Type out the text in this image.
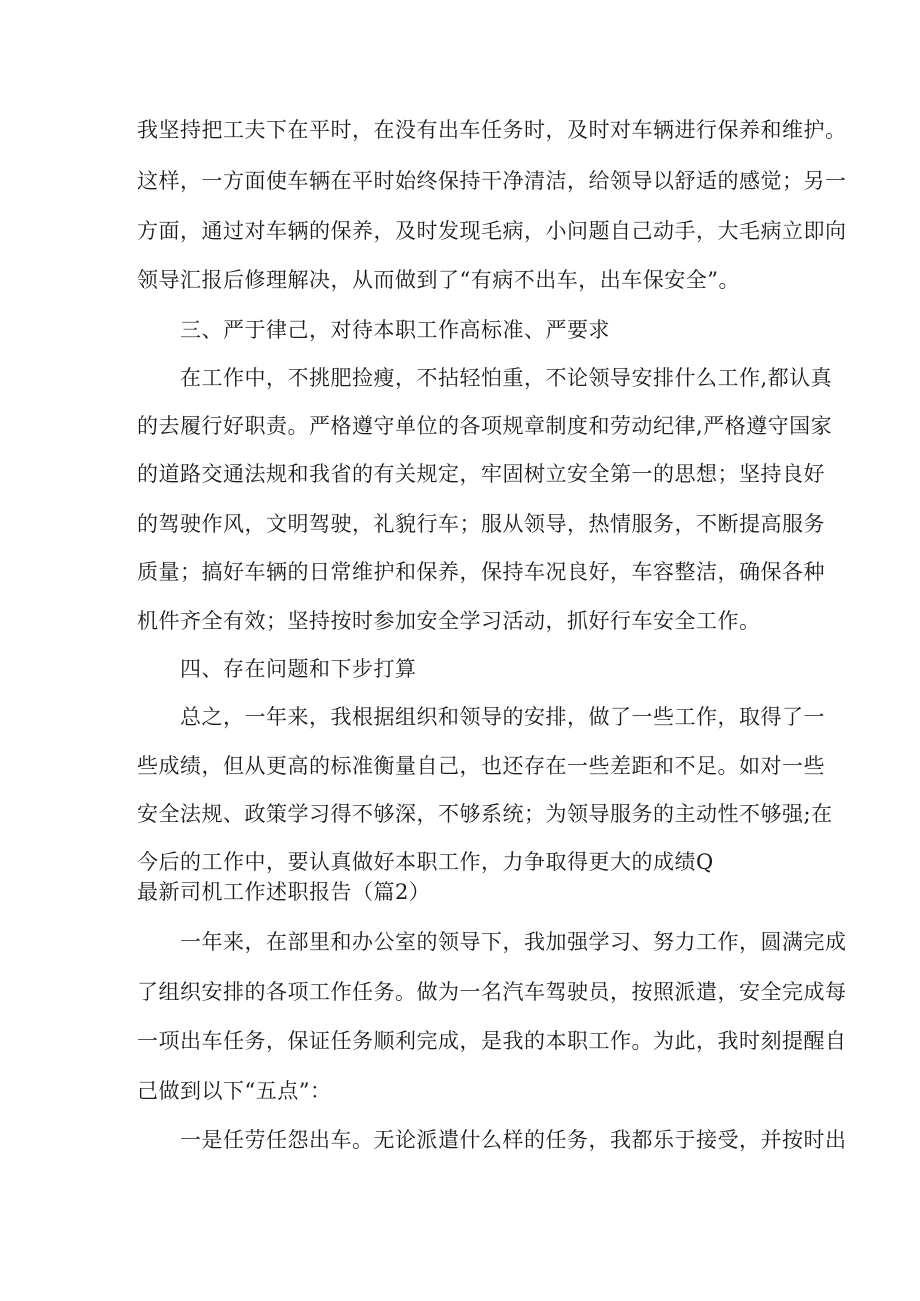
我坚持把工夫下在平时，在没有出车任务时，及时对车辆进行保养和维护。

这样，一方面使车辆在平时始终保持干净清洁，给领导以舒适的感觉；另一

方面，通过对车辆的保养，及时发现毛病，小问题自己动手，大毛病立即向

领导汇报后修理解决，从而做到了“有病不出车，出车保安全”。

三、严于律己，对待本职工作高标准、严要求

在工作中，不挑肥捡瘦，不拈轻怕重，不论领导安排什么工作,都认真

的去履行好职责。严格遵守单位的各项规章制度和劳动纪律,严格遵守国家

的道路交通法规和我省的有关规定，牢固树立安全第一的思想；坚持良好

的驾驶作风，文明驾驶，礼貌行车；服从领导，热情服务，不断提高服务

质量；搞好车辆的日常维护和保养，保持车况良好，车容整洁，确保各种

机件齐全有效；坚持按时参加安全学习活动，抓好行车安全工作。

四、存在问题和下步打算

总之，一年来，我根据组织和领导的安排，做了一些工作，取得了一

些成绩，但从更高的标准衡量自己，也还存在一些差距和不足。如对一些

安全法规、政策学习得不够深，不够系统；为领导服务的主动性不够强;在

今后的工作中，要认真做好本职工作，力争取得更大的成绩Q

最新司机工作述职报告（篇2）

一年来，在部里和办公室的领导下，我加强学习、努力工作，圆满完成

了组织安排的各项工作任务。做为一名汽车驾驶员，按照派遣，安全完成每

一项出车任务，保证任务顺利完成，是我的本职工作。为此，我时刻提醒自

己做到以下“五点”：

一是任劳任怨出车。无论派遣什么样的任务，我都乐于接受，并按时出
